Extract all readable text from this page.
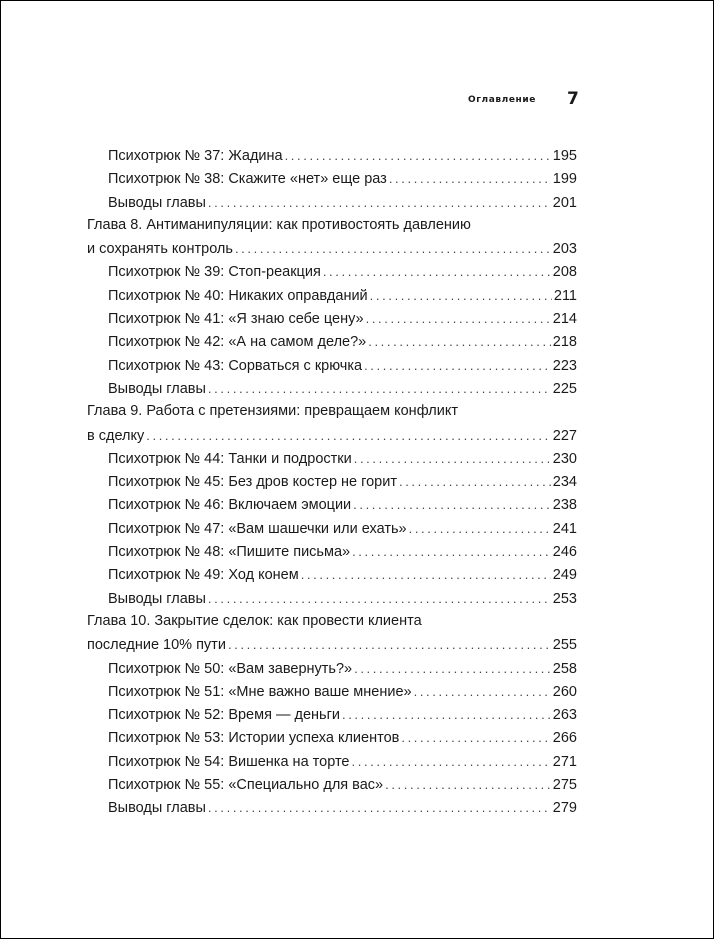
Оглавление 7
Психотрюк № 37: Жадина . . .	195
Психотрюк № 38: Скажите «нет» еще раз . . .	199
Выводы главы . . .	201
Глава 8. Антиманипуляции: как противостоять давлению
и сохранять контроль . . .	203
Психотрюк № 39: Стоп-реакция . . .	208
Психотрюк № 40: Никаких оправданий . . .	211
Психотрюк № 41: «Я знаю себе цену» . . .	214
Психотрюк № 42: «А на самом деле?» . . .	218
Психотрюк № 43: Сорваться с крючка . . .	223
Выводы главы . . .	225
Глава 9. Работа с претензиями: превращаем конфликт
в сделку . . .	227
Психотрюк № 44: Танки и подростки . . .	230
Психотрюк № 45: Без дров костер не горит . . .	234
Психотрюк № 46: Включаем эмоции . . .	238
Психотрюк № 47: «Вам шашечки или ехать» . . .	241
Психотрюк № 48: «Пишите письма» . . .	246
Психотрюк № 49: Ход конем . . .	249
Выводы главы . . .	253
Глава 10. Закрытие сделок: как провести клиента
последние 10% пути . . .	255
Психотрюк № 50: «Вам завернуть?» . . .	258
Психотрюк № 51: «Мне важно ваше мнение» . . .	260
Психотрюк № 52: Время — деньги . . .	263
Психотрюк № 53: Истории успеха клиентов . . .	266
Психотрюк № 54: Вишенка на торте . . .	271
Психотрюк № 55: «Специально для вас» . . .	275
Выводы главы . . .	279
